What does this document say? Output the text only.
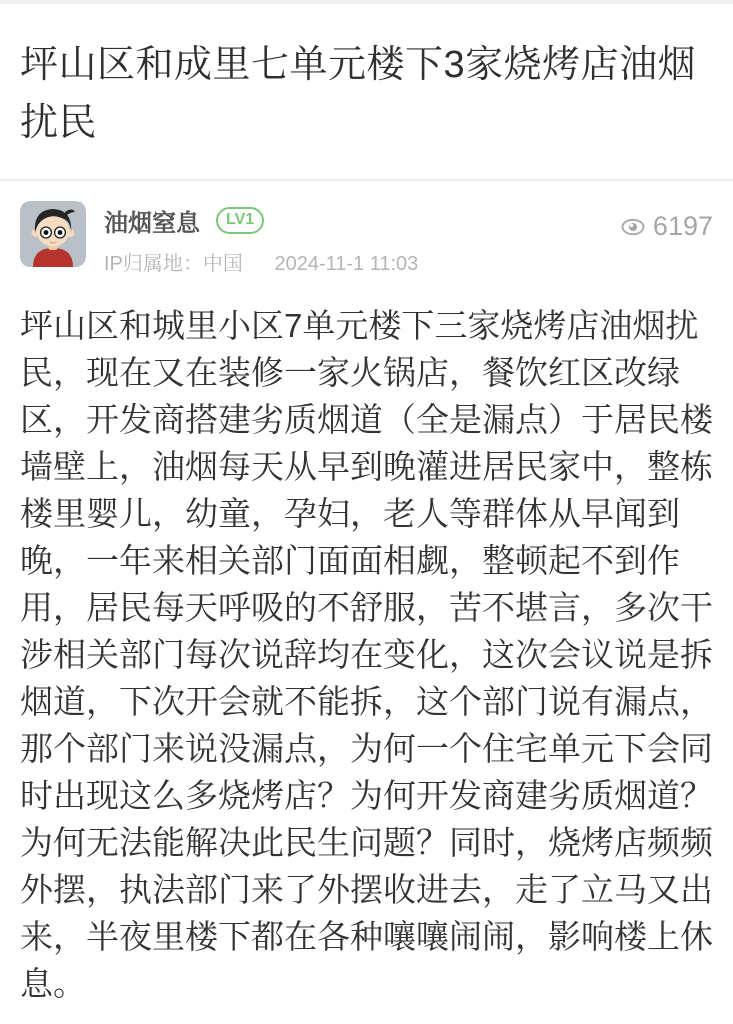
坪山区和成里七单元楼下3家烧烤店油烟扰民
油烟窒息	LV1
IP归属地：中国 2024-11-1 11:03
6197
坪山区和城里小区7单元楼下三家烧烤店油烟扰民，现在又在装修一家火锅店，餐饮红区改绿区，开发商搭建劣质烟道（全是漏点）于居民楼墙壁上，油烟每天从早到晚灌进居民家中，整栋楼里婴儿，幼童，孕妇，老人等群体从早闻到晚，一年来相关部门面面相觑，整顿起不到作用，居民每天呼吸的不舒服，苦不堪言，多次干涉相关部门每次说辞均在变化，这次会议说是拆烟道，下次开会就不能拆，这个部门说有漏点，那个部门来说没漏点，为何一个住宅单元下会同时出现这么多烧烤店？为何开发商建劣质烟道？为何无法能解决此民生问题？同时，烧烤店频频外摆，执法部门来了外摆收进去，走了立马又出来，半夜里楼下都在各种嚷嚷闹闹，影响楼上休息。
